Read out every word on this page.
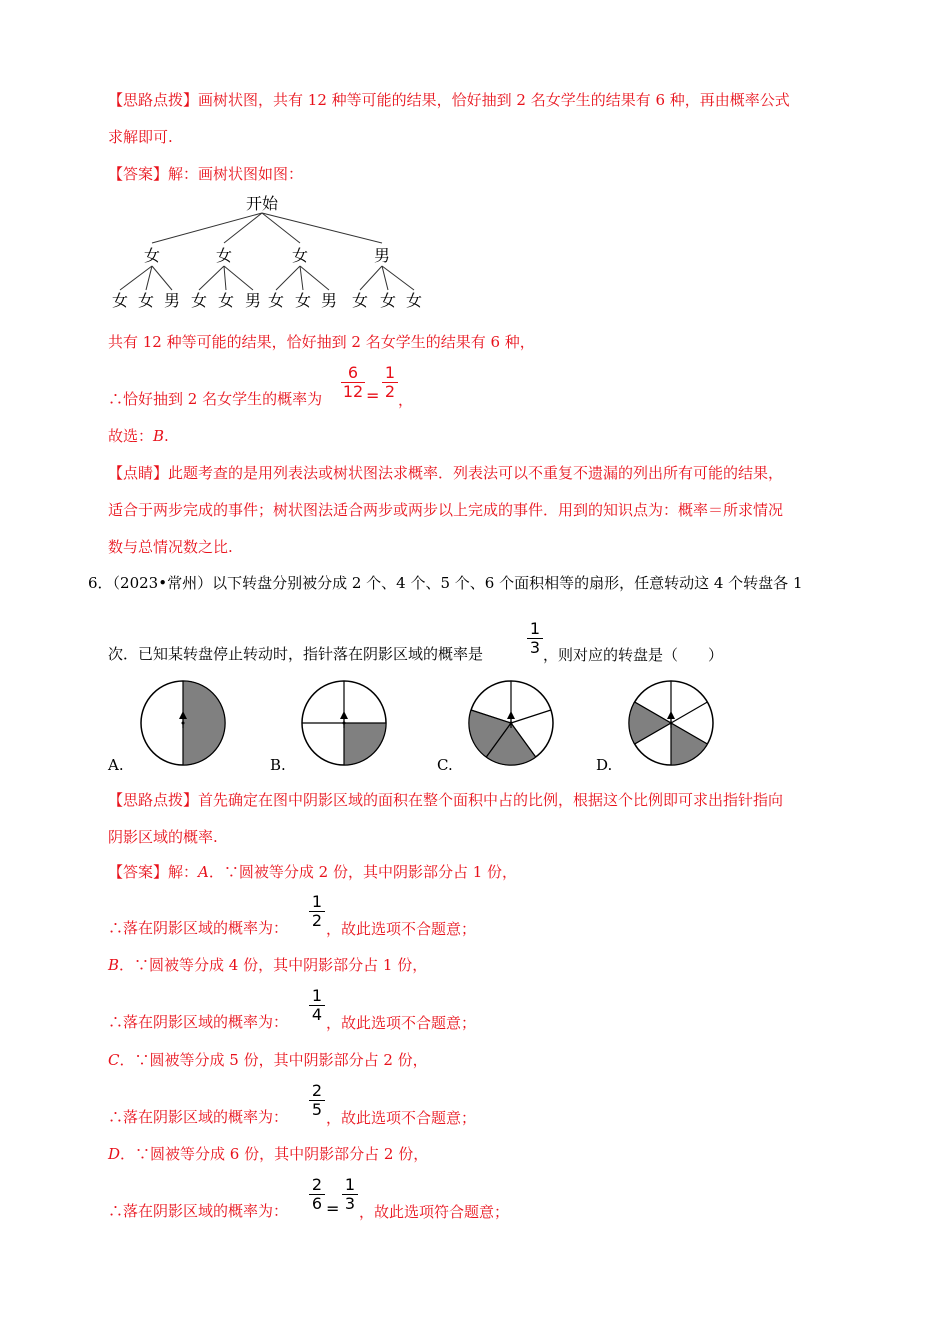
【思路点拨】画树状图，共有 12 种等可能的结果，恰好抽到 2 名女学生的结果有 6 种，再由概率公式
求解即可.
【答案】解：画树状图如图：
开始
女	女	女	男
女 女 男 女 女 男 女 女 男 女 女 女
共有 12 种等可能的结果，恰好抽到 2 名女学生的结果有 6 种，
∴恰好抽到 2 名女学生的概率为
6
12 =
1
2 ，
故选：B.
【点睛】此题考查的是用列表法或树状图法求概率．列表法可以不重复不遗漏的列出所有可能的结果，
适合于两步完成的事件；树状图法适合两步或两步以上完成的事件．用到的知识点为：概率＝所求情况
数与总情况数之比.
6．（2023•常州）以下转盘分别被分成 2 个、4 个、5 个、6 个面积相等的扇形，任意转动这 4 个转盘各 1
次．已知某转盘停止转动时，指针落在阴影区域的概率是
1
3 ，则对应的转盘是（　　）
A.	B.	C.	D.
【思路点拨】首先确定在图中阴影区域的面积在整个面积中占的比例，根据这个比例即可求出指针指向
阴影区域的概率.
【答案】解：A．∵圆被等分成 2 份，其中阴影部分占 1 份，
∴落在阴影区域的概率为：
1
2 ，故此选项不合题意；
B．∵圆被等分成 4 份，其中阴影部分占 1 份，
∴落在阴影区域的概率为：
1
4 ，故此选项不合题意；
C．∵圆被等分成 5 份，其中阴影部分占 2 份，
∴落在阴影区域的概率为：
2
5 ，故此选项不合题意；
D．∵圆被等分成 6 份，其中阴影部分占 2 份，
∴落在阴影区域的概率为：
2
6 =
1
3 ，故此选项符合题意；
